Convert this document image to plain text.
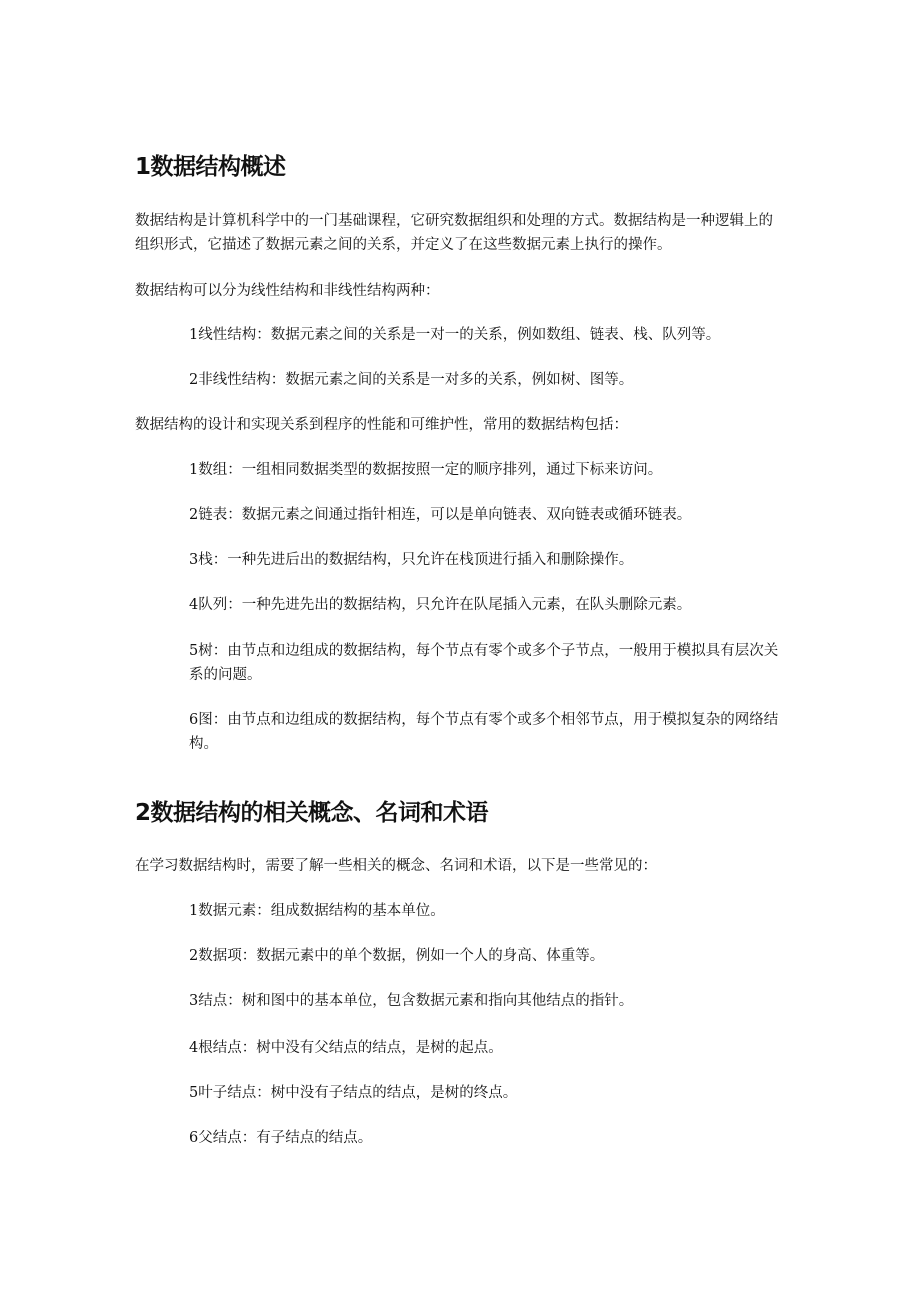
1数据结构概述

数据结构是计算机科学中的一门基础课程，它研究数据组织和处理的方式。数据结构是一种逻辑上的组织形式，它描述了数据元素之间的关系，并定义了在这些数据元素上执行的操作。

数据结构可以分为线性结构和非线性结构两种：

1线性结构：数据元素之间的关系是一对一的关系，例如数组、链表、栈、队列等。

2非线性结构：数据元素之间的关系是一对多的关系，例如树、图等。

数据结构的设计和实现关系到程序的性能和可维护性，常用的数据结构包括：

1数组：一组相同数据类型的数据按照一定的顺序排列，通过下标来访问。

2链表：数据元素之间通过指针相连，可以是单向链表、双向链表或循环链表。

3栈：一种先进后出的数据结构，只允许在栈顶进行插入和删除操作。

4队列：一种先进先出的数据结构，只允许在队尾插入元素，在队头删除元素。

5树：由节点和边组成的数据结构，每个节点有零个或多个子节点，一般用于模拟具有层次关系的问题。

6图：由节点和边组成的数据结构，每个节点有零个或多个相邻节点，用于模拟复杂的网络结构。

2数据结构的相关概念、名词和术语

在学习数据结构时，需要了解一些相关的概念、名词和术语，以下是一些常见的：

1数据元素：组成数据结构的基本单位。

2数据项：数据元素中的单个数据，例如一个人的身高、体重等。

3结点：树和图中的基本单位，包含数据元素和指向其他结点的指针。

4根结点：树中没有父结点的结点，是树的起点。

5叶子结点：树中没有子结点的结点，是树的终点。

6父结点：有子结点的结点。
